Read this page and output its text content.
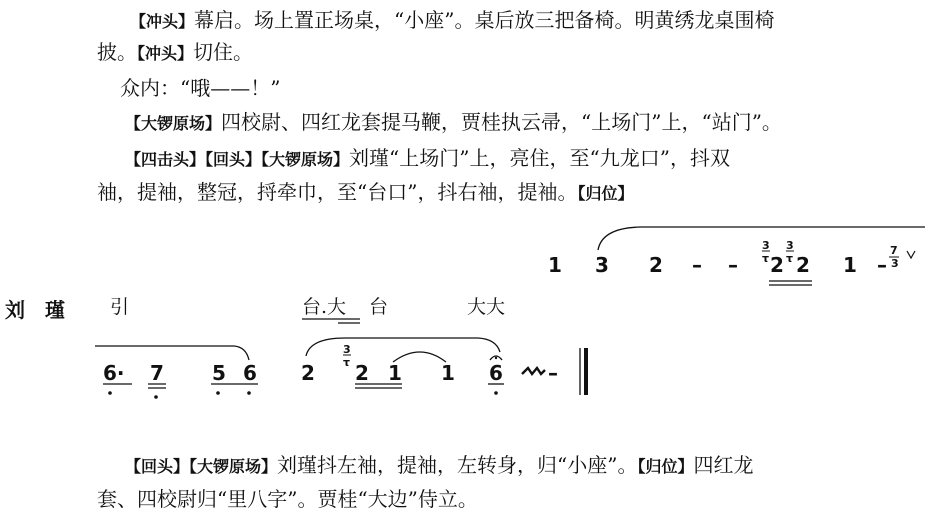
【冲头】幕启。场上置正场桌，“小座”。桌后放三把备椅。明黄绣龙桌围椅
披。【冲头】切住。
众内：“哦——！”
【大锣原场】四校尉、四红龙套提马鞭，贾桂执云帚，“上场门”上，“站门”。
【四击头】【回头】【大锣原场】刘瑾“上场门”上，亮住，至“九龙口”，抖双
袖，提袖，整冠，捋牵巾，至“台口”，抖右袖，提袖。【归位】
1 3 2 – –
3
τ 2
3
τ 2 1 –
7
3
刘　瑾 引	台.大 台	大大
6· 7 5 6 2
3
τ 2 1 1 6 –
【回头】【大锣原场】刘瑾抖左袖，提袖，左转身，归“小座”。【归位】四红龙
套、四校尉归“里八字”。贾桂“大边”侍立。
